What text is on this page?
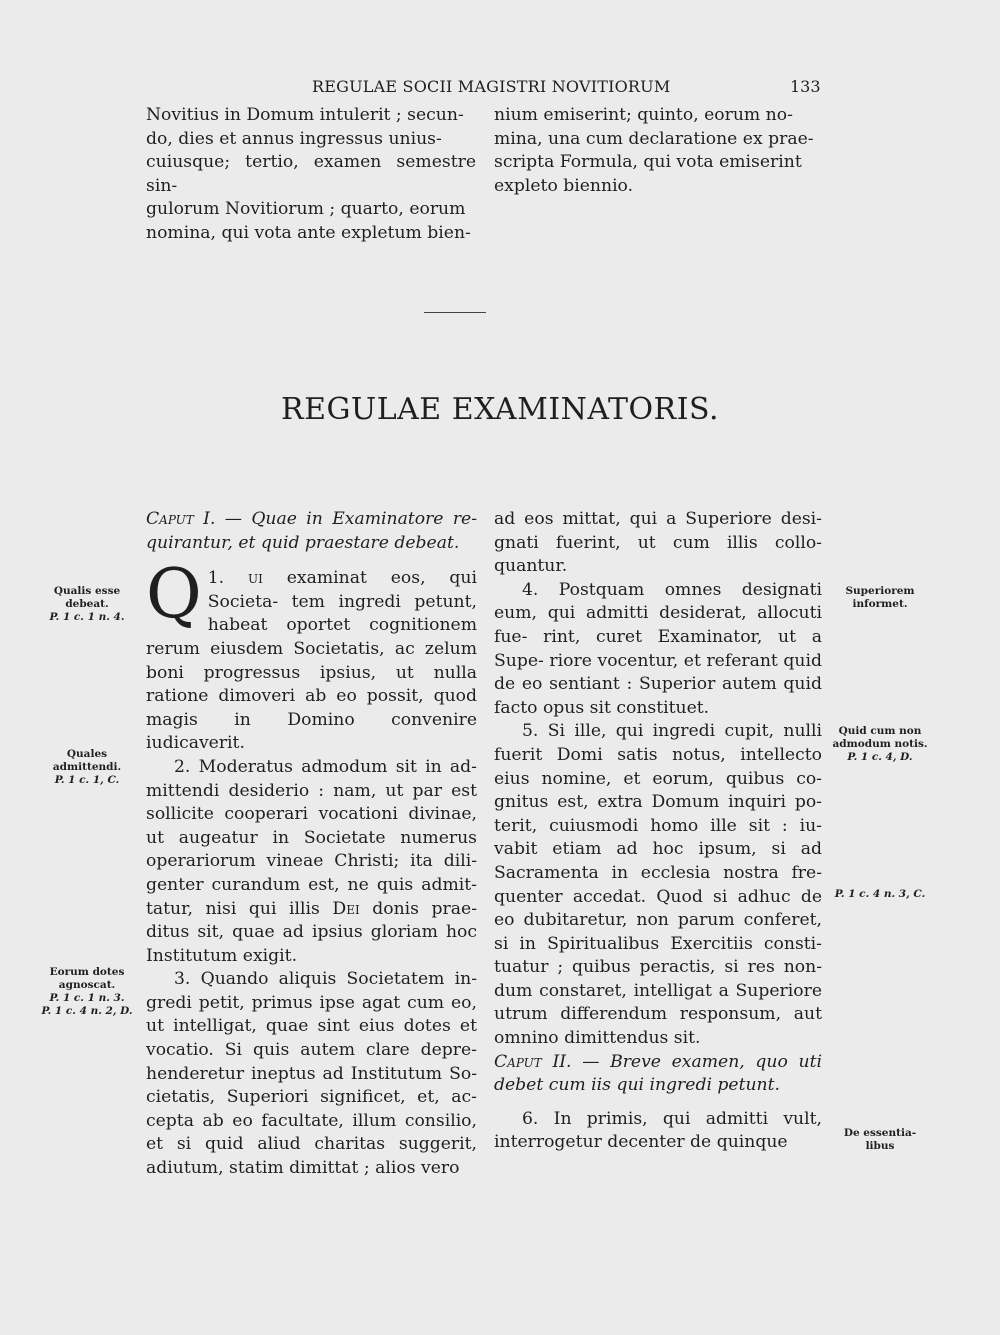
REGULAE SOCII MAGISTRI NOVITIORUM	133

Novitius in Domum intulerit ; secun-

do, dies et annus ingressus unius-

cuiusque; tertio, examen semestre sin-

gulorum Novitiorum ; quarto, eorum

nomina, qui vota ante expletum bien-

nium emiserint; quinto, eorum no-

mina, una cum declaratione ex prae-

scripta Formula, qui vota emiserint

expleto biennio.

REGULAE EXAMINATORIS.

Caput I. — Quae in Examinatore re- quirantur, et quid praestare debeat.

1.
Q	ui examinat eos, qui Societa- tem ingredi petunt, habeat oportet cognitionem rerum eiusdem Societatis, ac zelum boni progressus ipsius, ut nulla ratione dimoveri ab eo possit, quod magis in Domino convenire iudicaverit.

2. Moderatus admodum sit in ad- mittendi desiderio : nam, ut par est sollicite cooperari vocationi divinae, ut augeatur in Societate numerus operariorum vineae Christi; ita dili- genter curandum est, ne quis admit- tatur, nisi qui illis Dei donis prae- ditus sit, quae ad ipsius gloriam hoc Institutum exigit.

3. Quando aliquis Societatem in- gredi petit, primus ipse agat cum eo, ut intelligat, quae sint eius dotes et vocatio. Si quis autem clare depre- henderetur ineptus ad Institutum So- cietatis, Superiori significet, et, ac- cepta ab eo facultate, illum consilio, et si quid aliud charitas suggerit, adiutum, statim dimittat ; alios vero

ad eos mittat, qui a Superiore desi- gnati fuerint, ut cum illis collo- quantur.

4. Postquam omnes designati eum, qui admitti desiderat, allocuti fue- rint, curet Examinator, ut a Supe- riore vocentur, et referant quid de eo sentiant : Superior autem quid facto opus sit constituet.

5. Si ille, qui ingredi cupit, nulli fuerit Domi satis notus, intellecto eius nomine, et eorum, quibus co- gnitus est, extra Domum inquiri po- terit, cuiusmodi homo ille sit : iu- vabit etiam ad hoc ipsum, si ad Sacramenta in ecclesia nostra fre- quenter accedat. Quod si adhuc de eo dubitaretur, non parum conferet, si in Spiritualibus Exercitiis consti- tuatur ; quibus peractis, si res non- dum constaret, intelligat a Superiore utrum differendum responsum, aut omnino dimittendus sit.

Caput II. — Breve examen, quo uti debet cum iis qui ingredi petunt.

6. In primis, qui admitti vult, interrogetur decenter de quinque

Qualis esse debeat.
P. 1 c. 1 n. 4.
Quales admittendi.
P. 1 c. 1, C.
Eorum dotes agnoscat.
P. 1 c. 1 n. 3.
P. 1 c. 4 n. 2, D.
Superiorem informet.
Quid cum non admodum notis.
P. 1 c. 4, D.
P. 1 c. 4 n. 3, C.
De essentia- libus
